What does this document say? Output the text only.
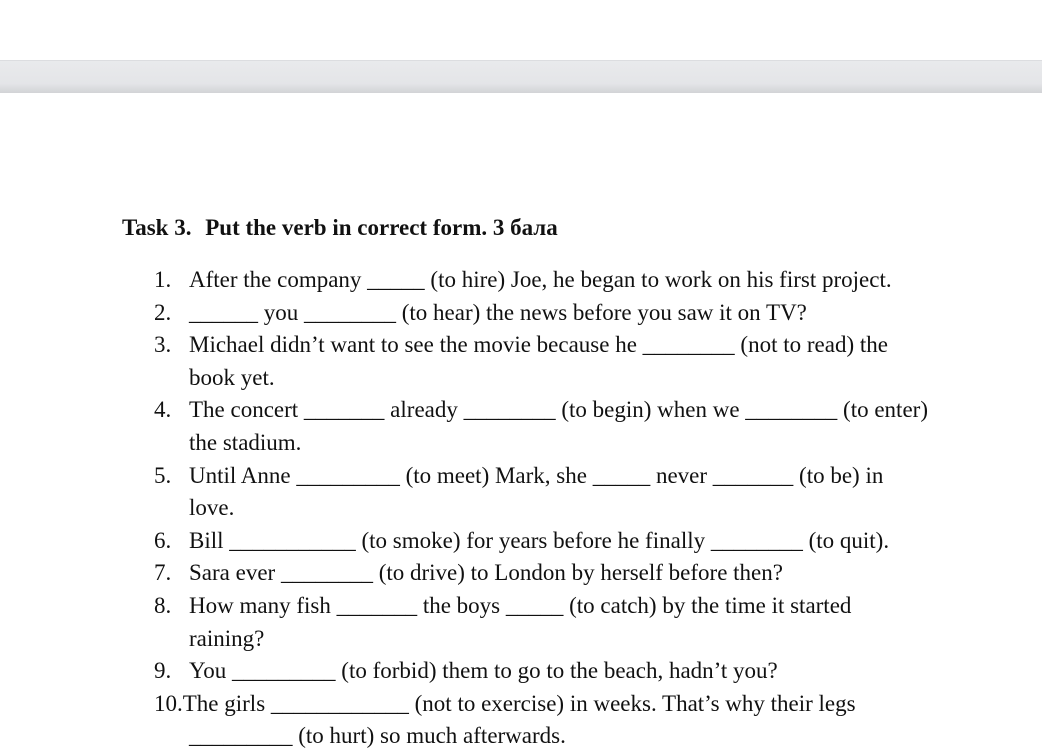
Task 3. Put the verb in correct form. 3 бала
1. After the company _____ (to hire) Joe, he began to work on his first project.
2. ______ you ________ (to hear) the news before you saw it on TV?
3. Michael didn’t want to see the movie because he ________ (not to read) the
book yet.
4. The concert _______ already ________ (to begin) when we ________ (to enter)
the stadium.
5. Until Anne _________ (to meet) Mark, she _____ never _______ (to be) in
love.
6. Bill ___________ (to smoke) for years before he finally ________ (to quit).
7. Sara ever ________ (to drive) to London by herself before then?
8. How many fish _______ the boys _____ (to catch) by the time it started
raining?
9. You _________ (to forbid) them to go to the beach, hadn’t you?
10.The girls ____________ (not to exercise) in weeks. That’s why their legs
_________ (to hurt) so much afterwards.
